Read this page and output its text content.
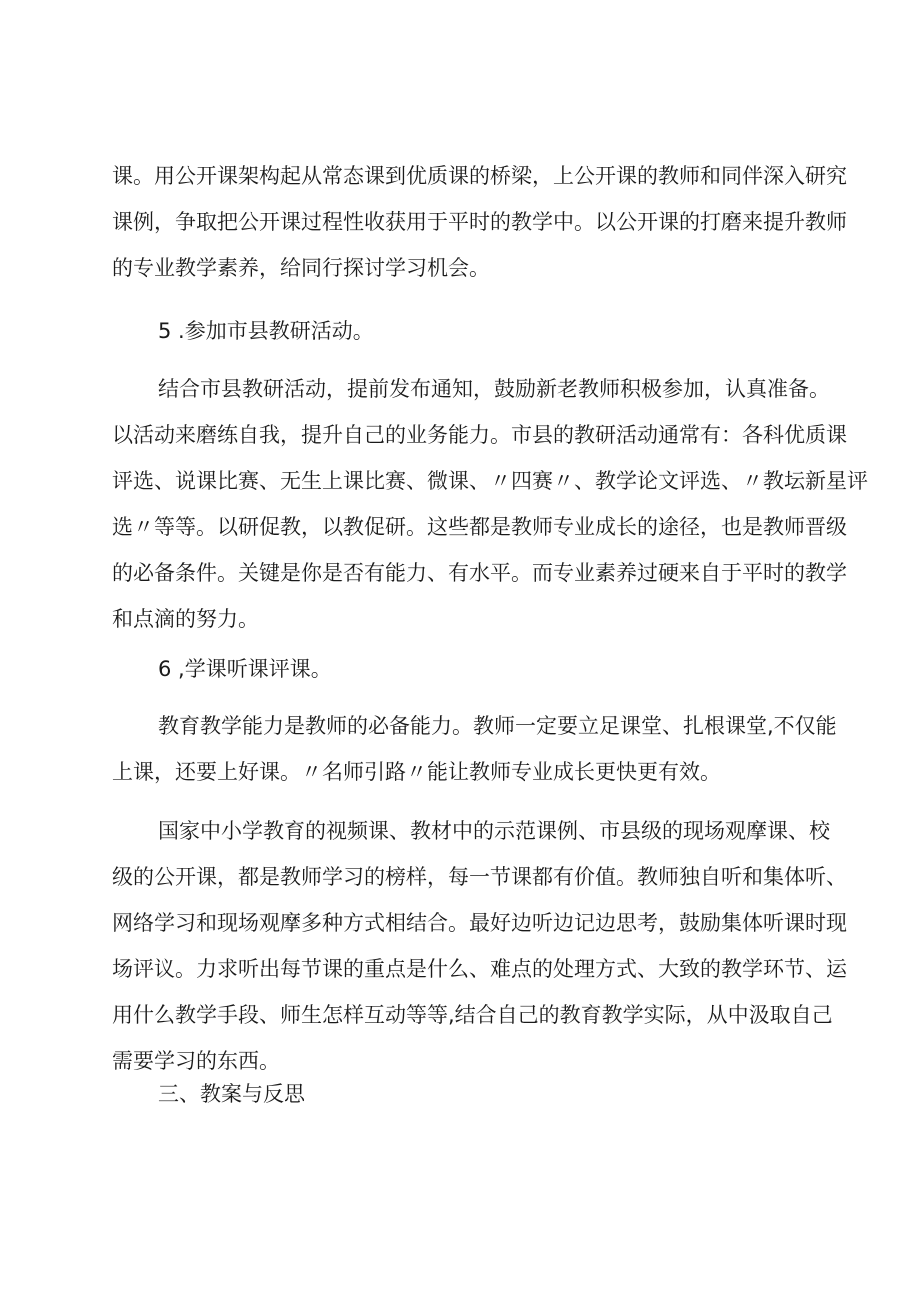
课。用公开课架构起从常态课到优质课的桥梁，上公开课的教师和同伴深入研究
课例，争取把公开课过程性收获用于平时的教学中。以公开课的打磨来提升教师
的专业教学素养，给同行探讨学习机会。
5 .参加市县教研活动。
结合市县教研活动，提前发布通知，鼓励新老教师积极参加，认真准备。
以活动来磨练自我，提升自己的业务能力。市县的教研活动通常有：各科优质课
评选、说课比赛、无生上课比赛、微课、〃四赛〃、教学论文评选、〃教坛新星评
选〃等等。以研促教，以教促研。这些都是教师专业成长的途径，也是教师晋级
的必备条件。关键是你是否有能力、有水平。而专业素养过硬来自于平时的教学
和点滴的努力。
6 ,学课听课评课。
教育教学能力是教师的必备能力。教师一定要立足课堂、扎根课堂,不仅能
上课，还要上好课。〃名师引路〃能让教师专业成长更快更有效。
国家中小学教育的视频课、教材中的示范课例、市县级的现场观摩课、校
级的公开课，都是教师学习的榜样，每一节课都有价值。教师独自听和集体听、
网络学习和现场观摩多种方式相结合。最好边听边记边思考，鼓励集体听课时现
场评议。力求听出每节课的重点是什么、难点的处理方式、大致的教学环节、运
用什么教学手段、师生怎样互动等等,结合自己的教育教学实际，从中汲取自己
需要学习的东西。
三、教案与反思
